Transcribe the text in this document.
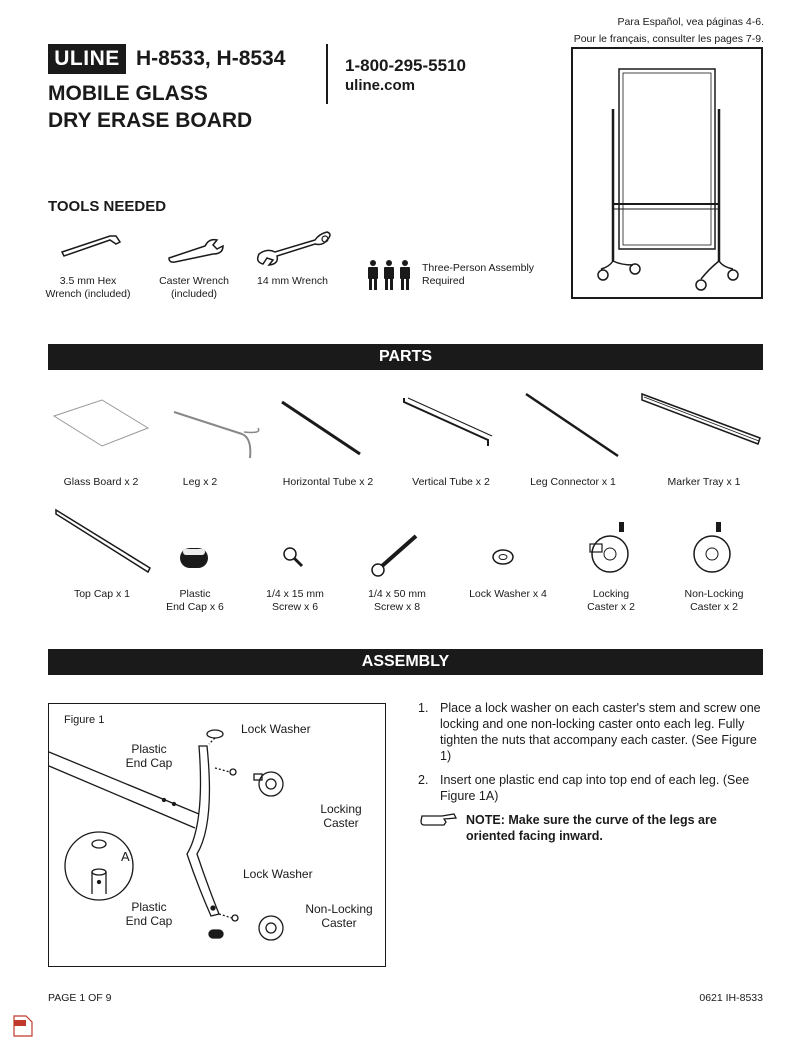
Para Español, vea páginas 4-6.
Pour le français, consulter les pages 7-9.
ULINE H-8533, H-8534
MOBILE GLASS
DRY ERASE BOARD
1-800-295-5510
uline.com
TOOLS NEEDED
3.5 mm Hex
Wrench (included)
Caster Wrench
(included)
14 mm Wrench
Three-Person Assembly
Required
PARTS
Glass Board x 2	Leg x 2	Horizontal Tube x 2	Vertical Tube x 2	Leg Connector x 1	Marker Tray x 1
Top Cap x 1	Plastic
End Cap x 6
1/4 x 15 mm
Screw x 6
1/4 x 50 mm
Screw x 8
Lock Washer x 4	Locking
Caster x 2
Non-Locking
Caster x 2
ASSEMBLY
Figure 1
Plastic
End Cap
Lock Washer
Locking
Caster
A
Lock Washer
Plastic
End Cap
Non-Locking
Caster
1. Place a lock washer on each caster's stem and screw one locking and one non-locking caster onto each leg. Fully tighten the nuts that accompany each caster. (See Figure 1)
2. Insert one plastic end cap into top end of each leg. (See Figure 1A)
NOTE: Make sure the curve of the legs are oriented facing inward.
PAGE 1 OF 9	0621 IH-8533
